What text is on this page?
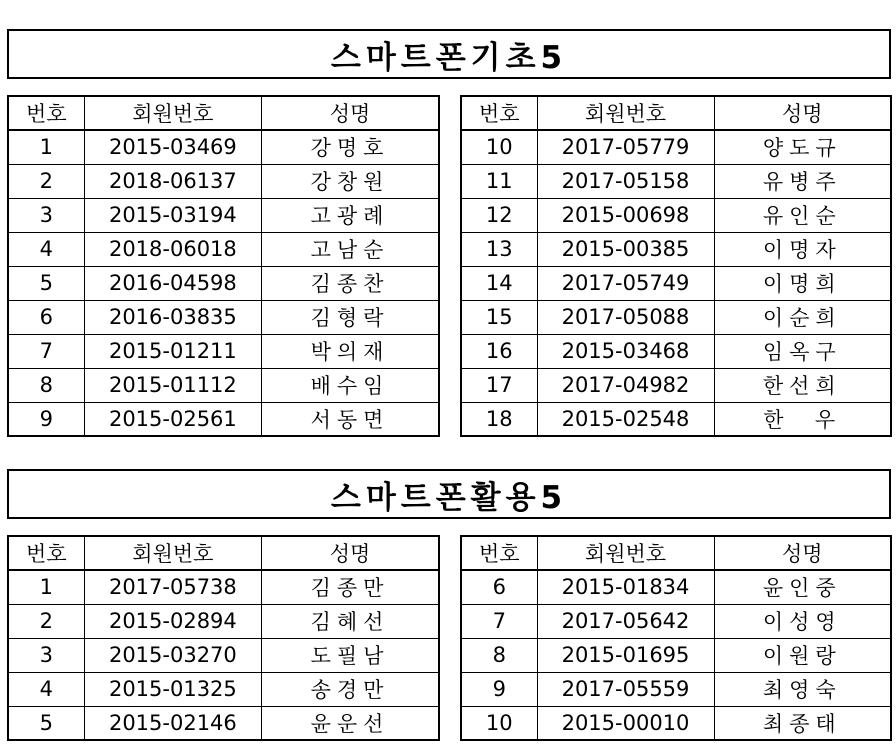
스마트폰기초5
번호	회원번호	성명
1	2015-03469	강명호
2	2018-06137	강창원
3	2015-03194	고광례
4	2018-06018	고남순
5	2016-04598	김종찬
6	2016-03835	김형락
7	2015-01211	박의재
8	2015-01112	배수임
9	2015-02561	서동면
번호	회원번호	성명
10	2017-05779	양도규
11	2017-05158	유병주
12	2015-00698	유인순
13	2015-00385	이명자
14	2017-05749	이명희
15	2017-05088	이순희
16	2015-03468	임옥구
17	2017-04982	한선희
18	2015-02548	한  우
스마트폰활용5
번호	회원번호	성명
1	2017-05738	김종만
2	2015-02894	김혜선
3	2015-03270	도필남
4	2015-01325	송경만
5	2015-02146	윤운선
번호	회원번호	성명
6	2015-01834	윤인중
7	2017-05642	이성영
8	2015-01695	이원랑
9	2017-05559	최영숙
10	2015-00010	최종태
